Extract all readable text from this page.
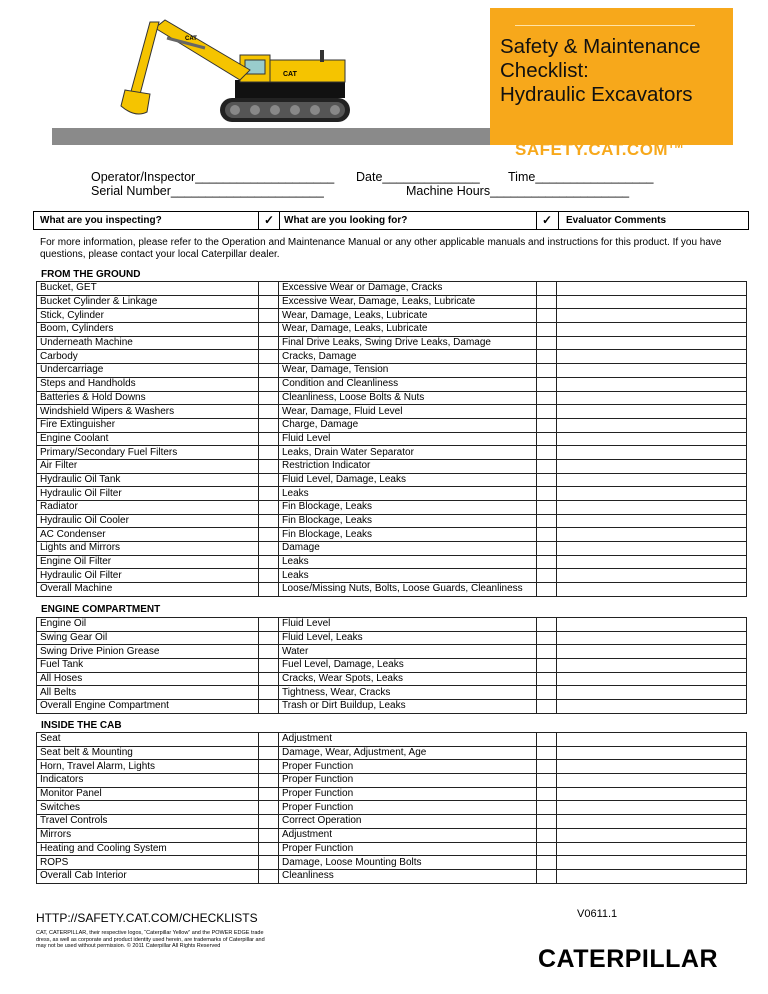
CAT
CAT	Safety & Maintenance
Checklist:
Hydraulic Excavators
SAFETY.CAT.COM™
Operator/Inspector____________________ Date______________ Time_________________
Serial Number______________________	Machine Hours____________________
What are you inspecting?	✓ What are you looking for?	✓ Evaluator Comments
For more information, please refer to the Operation and Maintenance Manual or any other applicable manuals and instructions for this product. If you have questions, please contact your local Caterpillar dealer.
FROM THE GROUND
Bucket, GET		Excessive Wear or Damage, Cracks		
Bucket Cylinder & Linkage		Excessive Wear, Damage, Leaks, Lubricate		
Stick, Cylinder		Wear, Damage, Leaks, Lubricate		
Boom, Cylinders		Wear, Damage, Leaks, Lubricate		
Underneath Machine		Final Drive Leaks, Swing Drive Leaks, Damage		
Carbody		Cracks, Damage		
Undercarriage		Wear, Damage, Tension		
Steps and Handholds		Condition and Cleanliness		
Batteries & Hold Downs		Cleanliness, Loose Bolts & Nuts		
Windshield Wipers & Washers		Wear, Damage, Fluid Level		
Fire Extinguisher		Charge, Damage		
Engine Coolant		Fluid Level		
Primary/Secondary Fuel Filters		Leaks, Drain Water Separator		
Air Filter		Restriction Indicator		
Hydraulic Oil Tank		Fluid Level, Damage, Leaks		
Hydraulic Oil Filter		Leaks		
Radiator		Fin Blockage, Leaks		
Hydraulic Oil Cooler		Fin Blockage, Leaks		
AC Condenser		Fin Blockage, Leaks		
Lights and Mirrors		Damage		
Engine Oil Filter		Leaks		
Hydraulic Oil Filter		Leaks		
Overall Machine		Loose/Missing Nuts, Bolts, Loose Guards, Cleanliness		
ENGINE COMPARTMENT
Engine Oil		Fluid Level		
Swing Gear Oil		Fluid Level, Leaks		
Swing Drive Pinion Grease		Water		
Fuel Tank		Fuel Level, Damage, Leaks		
All Hoses		Cracks, Wear Spots, Leaks		
All Belts		Tightness, Wear, Cracks		
Overall Engine Compartment		Trash or Dirt Buildup, Leaks		
INSIDE THE CAB
Seat		Adjustment		
Seat belt & Mounting		Damage, Wear, Adjustment, Age		
Horn, Travel Alarm, Lights		Proper Function		
Indicators		Proper Function		
Monitor Panel		Proper Function		
Switches		Proper Function		
Travel Controls		Correct Operation		
Mirrors		Adjustment		
Heating and Cooling System		Proper Function		
ROPS		Damage, Loose Mounting Bolts		
Overall Cab Interior		Cleanliness		
HTTP://SAFETY.CAT.COM/CHECKLISTS	V0611.1
CAT, CATERPILLAR, their respective logos, “Caterpillar Yellow” and the POWER EDGE trade dress, as well as corporate and product identity used herein, are trademarks of Caterpillar and may not be used without permission. © 2011 Caterpillar All Rights Reserved	CATERPILLAR
